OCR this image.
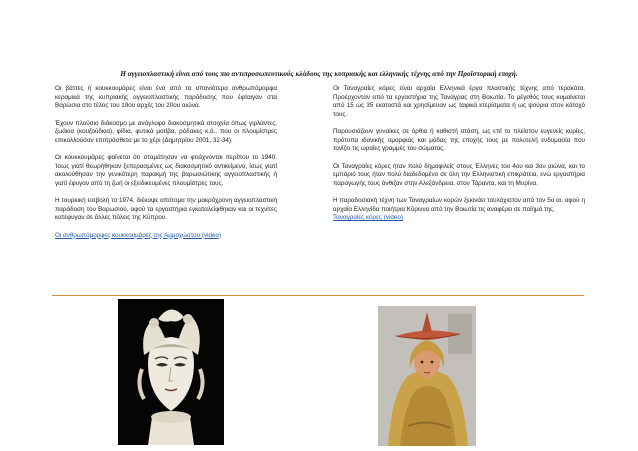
Η αγγειοπλαστική είναι από τους πιο αντιπροσωπευτικούς κλάδους της κυπριακής και ελληνικής τέχνης από την Προϊστορική εποχή.

Οι βάττες ή κουκκουμάρες είναι ένα από τα σπανιότερα ανθρωπόμορφα κεραμικά της κυπριακής αγγειοπλαστικής παράδοσης που έφταιγαν στα Βαρώσια στο τέλος του 19ου αρχές του 20ου αιώνα.

Έχουν πλούσιο διάκοσμο με ανάγλυφα διακοσμητικά στοιχεία όπως γιρλάντες, ζωάκια (κουζούδκια), φίδια, φυτικά μοτίβα, ρόδακες κ.ά.. που οι πλουμίστρες επικολλούσαν επιπρόσθετα με το χέρι (Δημητρίου 2001, 32-34).

Οι κουκκουμάρες φαίνεται ότι σταμάτησαν να φτιάχνονται περίπου το 1940. Ίσως γιατί θεωρήθηκαν ξεπερασμένες ως διακοσμητικό αντικείμενο, ίσως γιατί ακολούθησαν την γενικότερη παρακμή της βαρωσιώτικης αγγειοπλαστικής ή γιατί έφυγαν από τη ζωή οι εξειδικευμένες πλουμίστρες τους.

Η τουρκική εισβολή το 1974, διέκοψε απότομα την μακρόχρονη αγγειοπλαστική παράδοση του Βαρωσιού, αφού τα εργαστήρια εγκαταλείφθηκαν και οι τεχνίτες κατέφυγαν σε άλλες πόλεις της Κύπρου.

Οι ανθρωπόμορφες κουκκουμάρες της Αμμοχώστου (video)

Οι Ταναγραίες κόρες είναι αρχαία Ελληνικά έργα πλαστικής τέχνης από τερακότα. Προέρχονταν από τα εργαστήρια της Τανάγρας στη Βοιωτία. Το μέγεθός τους κυμαίνεται από 15 ως 35 εκατοστά και χρησίμευαν ως ταφικά κτερίσματα ή ως ψούρια στον κάτοχό τους.

Παρουσιάζουν γυναίκες σε όρθια ή καθιστή στάση, ως επί το πλείστον ευγενείς κυρίες, πρότυπα ιδανικής ομορφιάς και μόδας της εποχής τους με πολυτελή ενδυμασία που τονίζει τις ωραίες γραμμές του σώματος.

Οι Ταναγραίες κόρες ήταν πολύ δημοφιλείς στους Έλληνες του 4ου και 3ου αιώνα, και το εμπόριό τους ήταν πολύ διαδεδομένο σε όλη την Ελληνιστική επικράτεια, ενώ εργαστήρια παραγωγής τους άνθιζαν στην Αλεξάνδρεια, στον Τάραντα, και τη Μυρίνα.

Η παραδοσιακή τέχνη των Ταναγραίων κορών ξεκινάει τουλάχιστον από τον 5ο αι. αφού η αρχαία Ελληνίδα ποιήτρια Κόριννα από την Βοιωτία τις αναφέρει σε ποίημά της.

Ταναγραίες κόρες (video)
